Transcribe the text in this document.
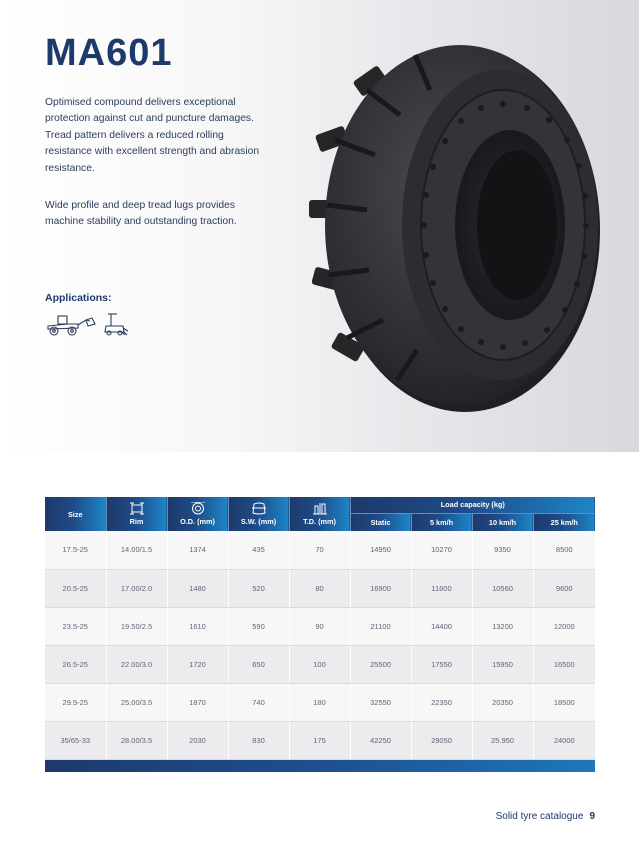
MA601

Optimised compound delivers exceptional protection against cut and puncture damages. Tread pattern delivers a reduced rolling resistance with excellent strength and abrasion resistance.

Wide profile and deep tread lugs provides machine stability and outstanding traction.

Applications:
Size	Rim	O.D. (mm)	S.W. (mm)	T.D. (mm)	Load capacity (kg)			
					Static	5 km/h	10 km/h	25 km/h
17.5-25	14.00/1.5	1374	435	70	14950	10270	9350	8500
20.5-25	17.00/2.0	1480	520	80	16900	11600	10560	9600
23.5-25	19.50/2.5	1610	590	90	21100	14400	13200	12000
26.5-25	22.00/3.0	1720	650	100	25500	17550	15950	16500
29.5-25	25.00/3.5	1870	740	180	32550	22350	20350	18500
35/65-33	28.00/3.5	2030	830	175	42250	29050	25.950	24000
Solid tyre catalogue 9
